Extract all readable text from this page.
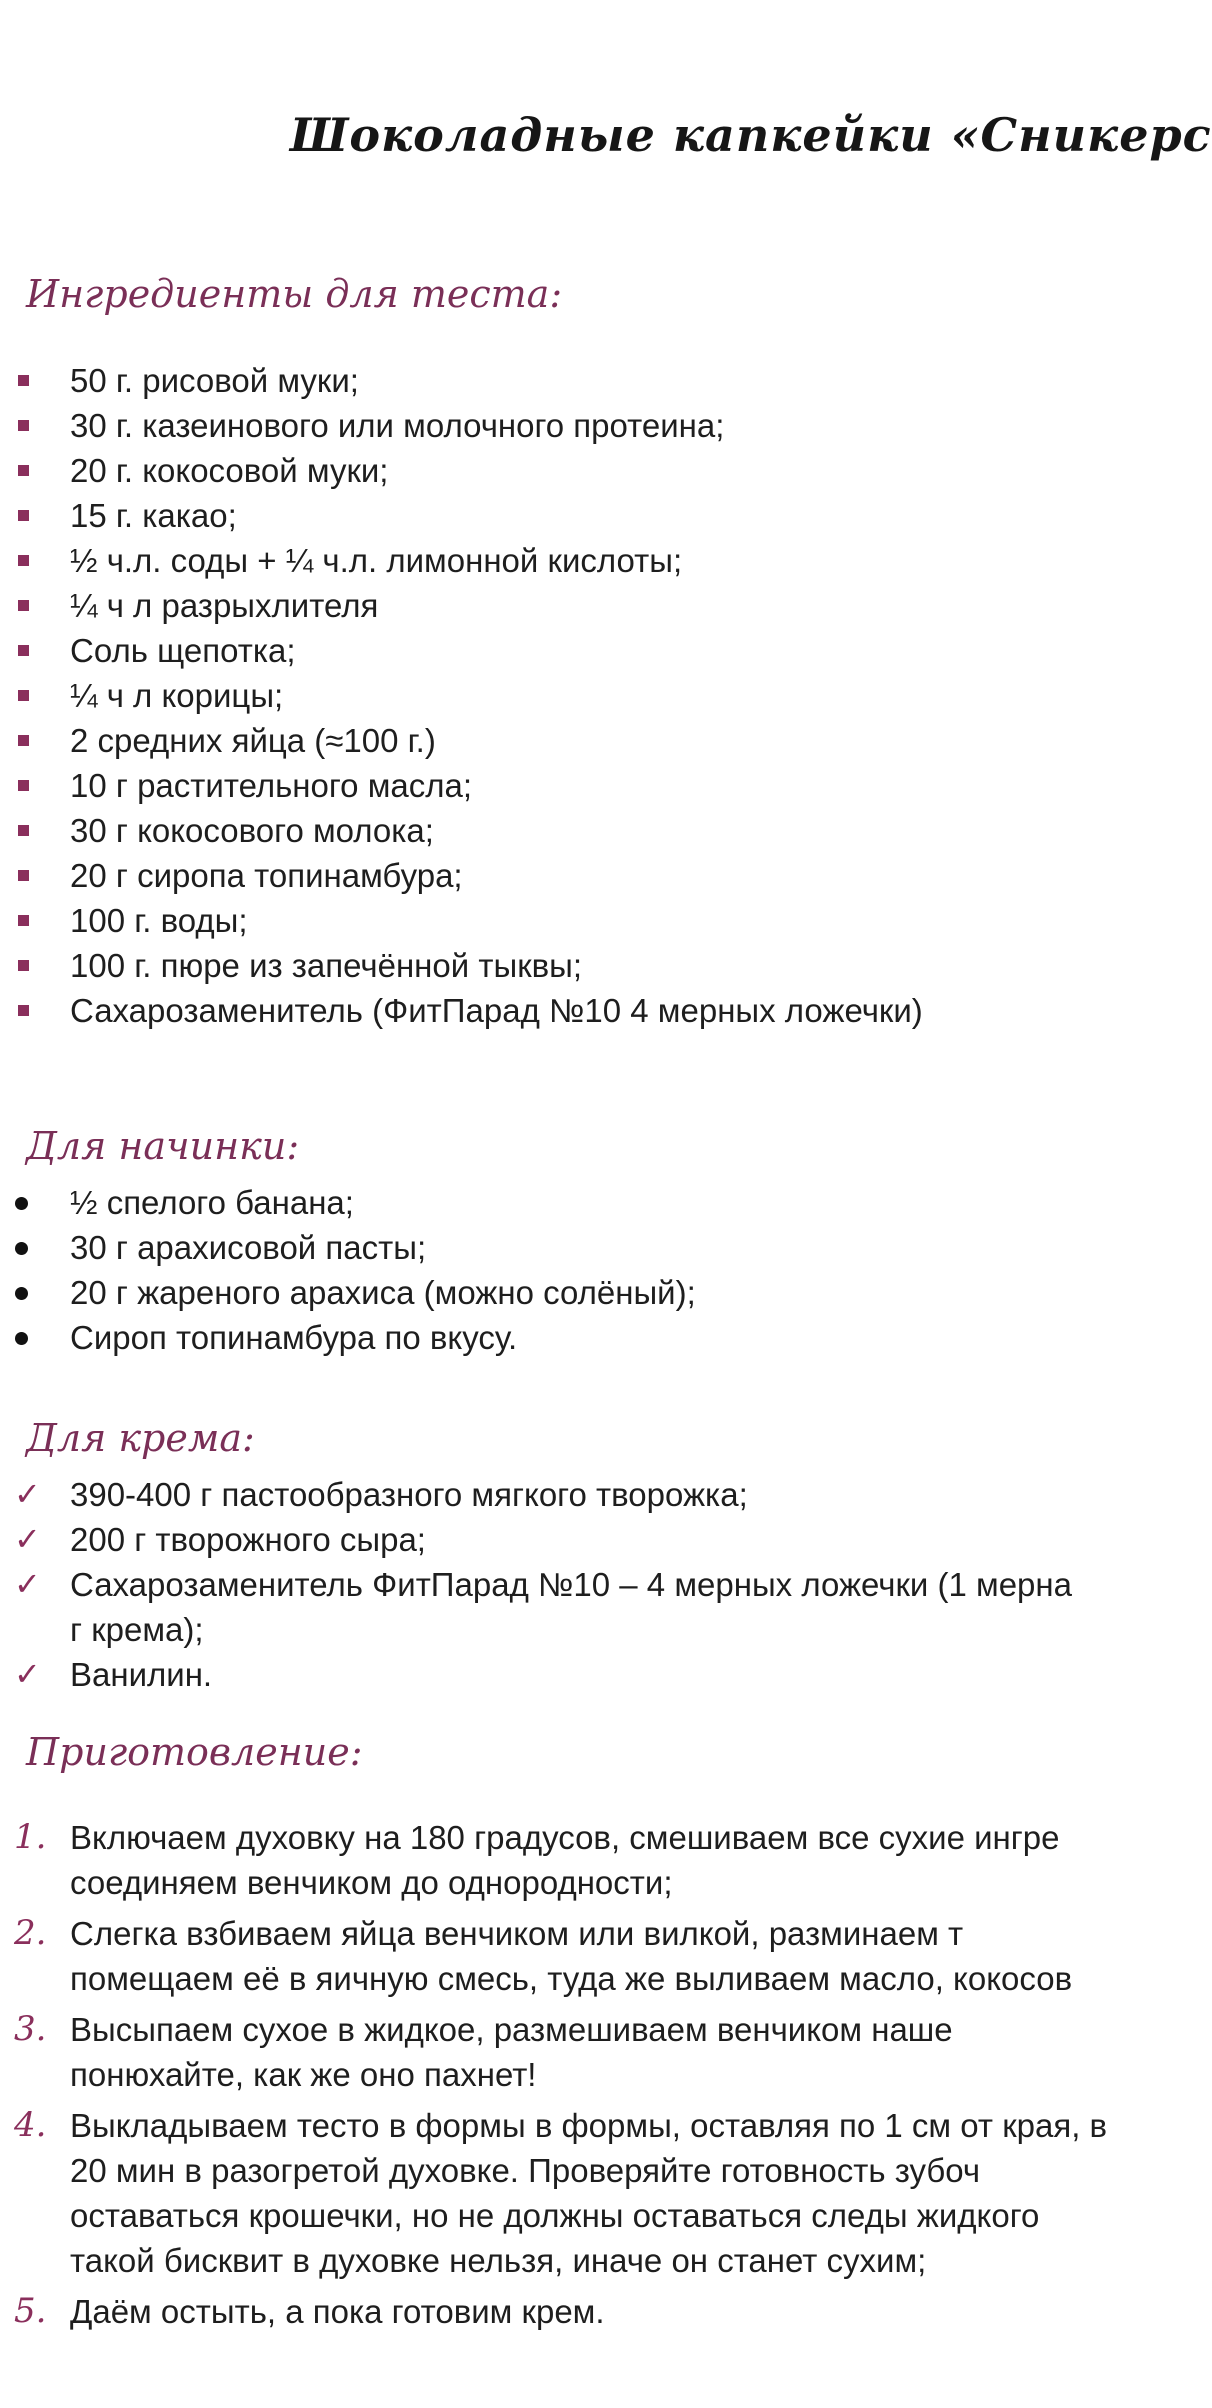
Шоколадные капкейки «Сникерс
Ингредиенты для теста:
50 г. рисовой муки;
30 г. казеинового или молочного протеина;
20 г. кокосовой муки;
15 г. какао;
½ ч.л. соды + ¼ ч.л. лимонной кислоты;
¼ ч л разрыхлителя
Соль щепотка;
¼ ч л корицы;
2 средних яйца (≈100 г.)
10 г растительного масла;
30 г кокосового молока;
20 г сиропа топинамбура;
100 г. воды;
100 г. пюре из запечённой тыквы;
Сахарозаменитель (ФитПарад №10 4 мерных ложечки)
Для начинки:
½ спелого банана;
30 г арахисовой пасты;
20 г жареного арахиса (можно солёный);
Сироп топинамбура по вкусу.
Для крема:
✓ 390-400 г пастообразного мягкого творожка;
✓ 200 г творожного сыра;
✓ Сахарозаменитель ФитПарад №10 – 4 мерных ложечки (1 мерна
г крема);
✓ Ванилин.
Приготовление:
1. Включаем духовку на 180 градусов, смешиваем все сухие ингре
соединяем венчиком до однородности;
2. Слегка взбиваем яйца венчиком или вилкой, разминаем т
помещаем её в яичную смесь, туда же выливаем масло, кокосов
3. Высыпаем сухое в жидкое, размешиваем венчиком наше
понюхайте, как же оно пахнет!
4. Выкладываем тесто в формы в формы, оставляя по 1 см от края, в
20 мин в разогретой духовке. Проверяйте готовность зубоч
оставаться крошечки, но не должны оставаться следы жидкого
такой бисквит в духовке нельзя, иначе он станет сухим;
5. Даём остыть, а пока готовим крем.
